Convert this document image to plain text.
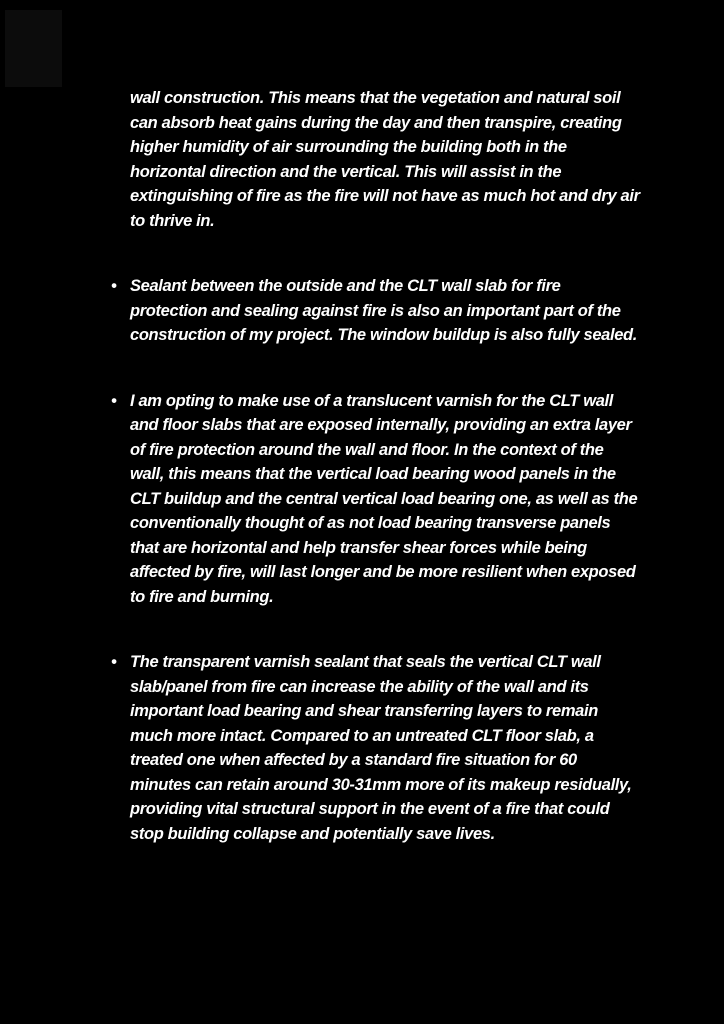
wall construction. This means that the vegetation and natural soil can absorb heat gains during the day and then transpire, creating higher humidity of air surrounding the building both in the horizontal direction and the vertical. This will assist in the extinguishing of fire as the fire will not have as much hot and dry air to thrive in.

• Sealant between the outside and the CLT wall slab for fire protection and sealing against fire is also an important part of the construction of my project. The window buildup is also fully sealed.
• I am opting to make use of a translucent varnish for the CLT wall and floor slabs that are exposed internally, providing an extra layer of fire protection around the wall and floor. In the context of the wall, this means that the vertical load bearing wood panels in the CLT buildup and the central vertical load bearing one, as well as the conventionally thought of as not load bearing transverse panels that are horizontal and help transfer shear forces while being affected by fire, will last longer and be more resilient when exposed to fire and burning.
• The transparent varnish sealant that seals the vertical CLT wall slab/panel from fire can increase the ability of the wall and its important load bearing and shear transferring layers to remain much more intact. Compared to an untreated CLT floor slab, a treated one when affected by a standard fire situation for 60 minutes can retain around 30-31mm more of its makeup residually, providing vital structural support in the event of a fire that could stop building collapse and potentially save lives.
